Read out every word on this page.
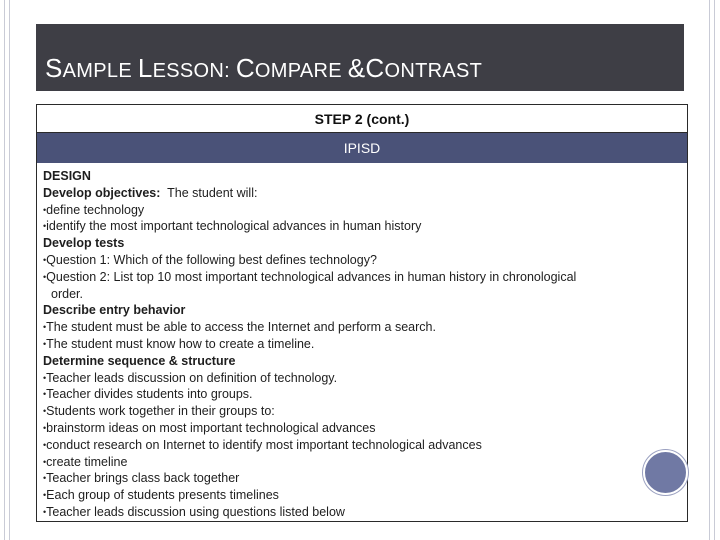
SAMPLE LESSON: COMPARE &CONTRAST
STEP 2 (cont.)
IPISD
DESIGN
Develop objectives:  The student will:
• define technology
• identify the most important technological advances in human history
Develop tests
• Question 1: Which of the following best defines technology?
• Question 2: List top 10 most important technological advances in human history in chronological
order.
Describe entry behavior
• The student must be able to access the Internet and perform a search.
• The student must know how to create a timeline.
Determine sequence & structure
• Teacher leads discussion on definition of technology.
• Teacher divides students into groups.
• Students work together in their groups to:
• brainstorm ideas on most important technological advances
• conduct research on Internet to identify most important technological advances
• create timeline
• Teacher brings class back together
• Each group of students presents timelines
• Teacher leads discussion using questions listed below
